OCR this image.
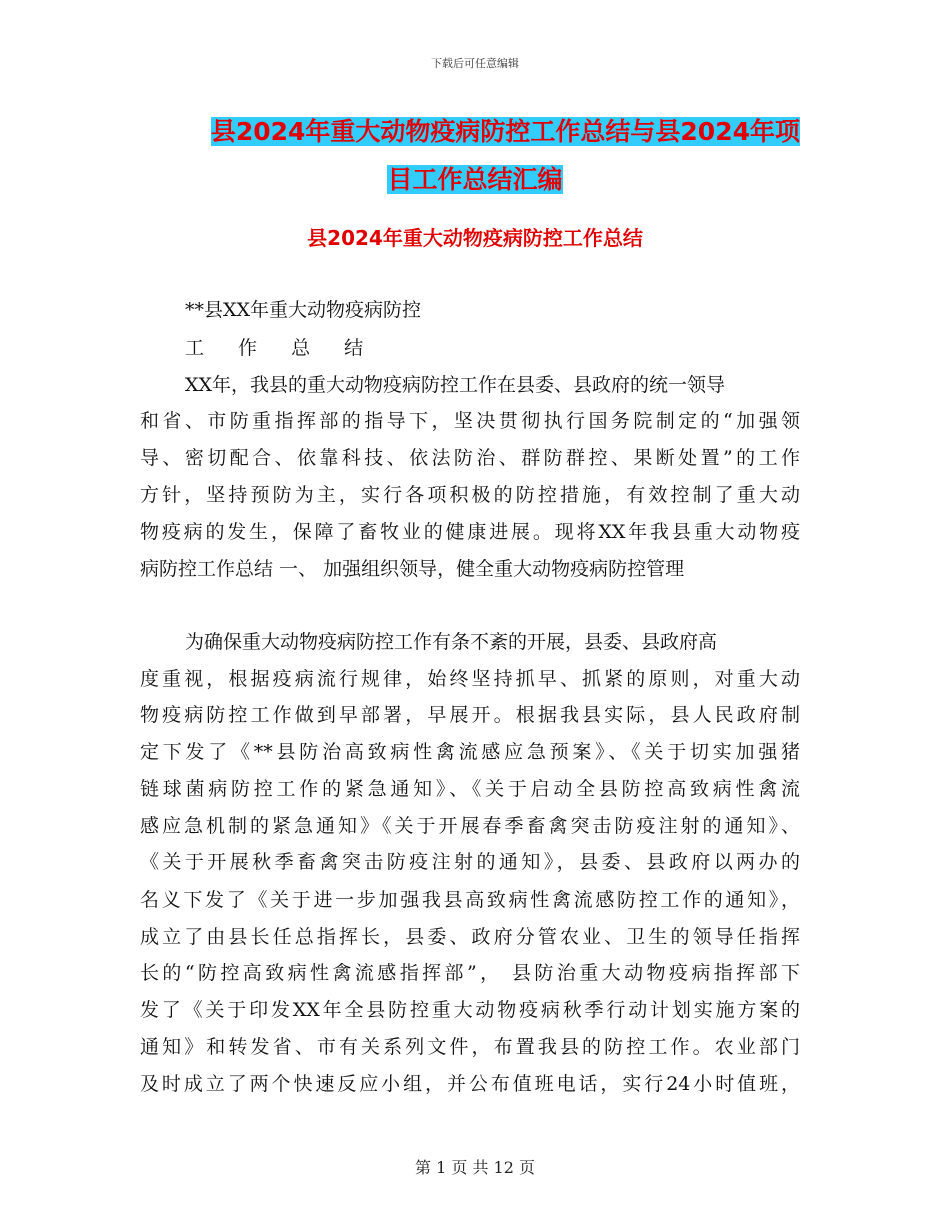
下载后可任意编辑
县2024年重大动物疫病防控工作总结与县2024年项
目工作总结汇编
县2024年重大动物疫病防控工作总结
**县XX年重大动物疫病防控
工 作 总 结
XX年，我县的重大动物疫病防控工作在县委、县政府的统一领导
和省、市防重指挥部的指导下，坚决贯彻执行国务院制定的“加强领
导、密切配合、依靠科技、依法防治、群防群控、果断处置”的工作
方针，坚持预防为主，实行各项积极的防控措施，有效控制了重大动
物疫病的发生，保障了畜牧业的健康进展。现将XX年我县重大动物疫
病防控工作总结 一、 加强组织领导，健全重大动物疫病防控管理
为确保重大动物疫病防控工作有条不紊的开展，县委、县政府高
度重视，根据疫病流行规律，始终坚持抓早、抓紧的原则，对重大动
物疫病防控工作做到早部署，早展开。根据我县实际，县人民政府制
定下发了《**县防治高致病性禽流感应急预案》、《关于切实加强猪
链球菌病防控工作的紧急通知》、《关于启动全县防控高致病性禽流
感应急机制的紧急通知》《关于开展春季畜禽突击防疫注射的通知》、
《关于开展秋季畜禽突击防疫注射的通知》，县委、县政府以两办的
名义下发了《关于进一步加强我县高致病性禽流感防控工作的通知》，
成立了由县长任总指挥长，县委、政府分管农业、卫生的领导任指挥
长的“防控高致病性禽流感指挥部”， 县防治重大动物疫病指挥部下
发了《关于印发XX年全县防控重大动物疫病秋季行动计划实施方案的
通知》和转发省、市有关系列文件，布置我县的防控工作。农业部门
及时成立了两个快速反应小组，并公布值班电话，实行24小时值班，
第 1 页 共 12 页
